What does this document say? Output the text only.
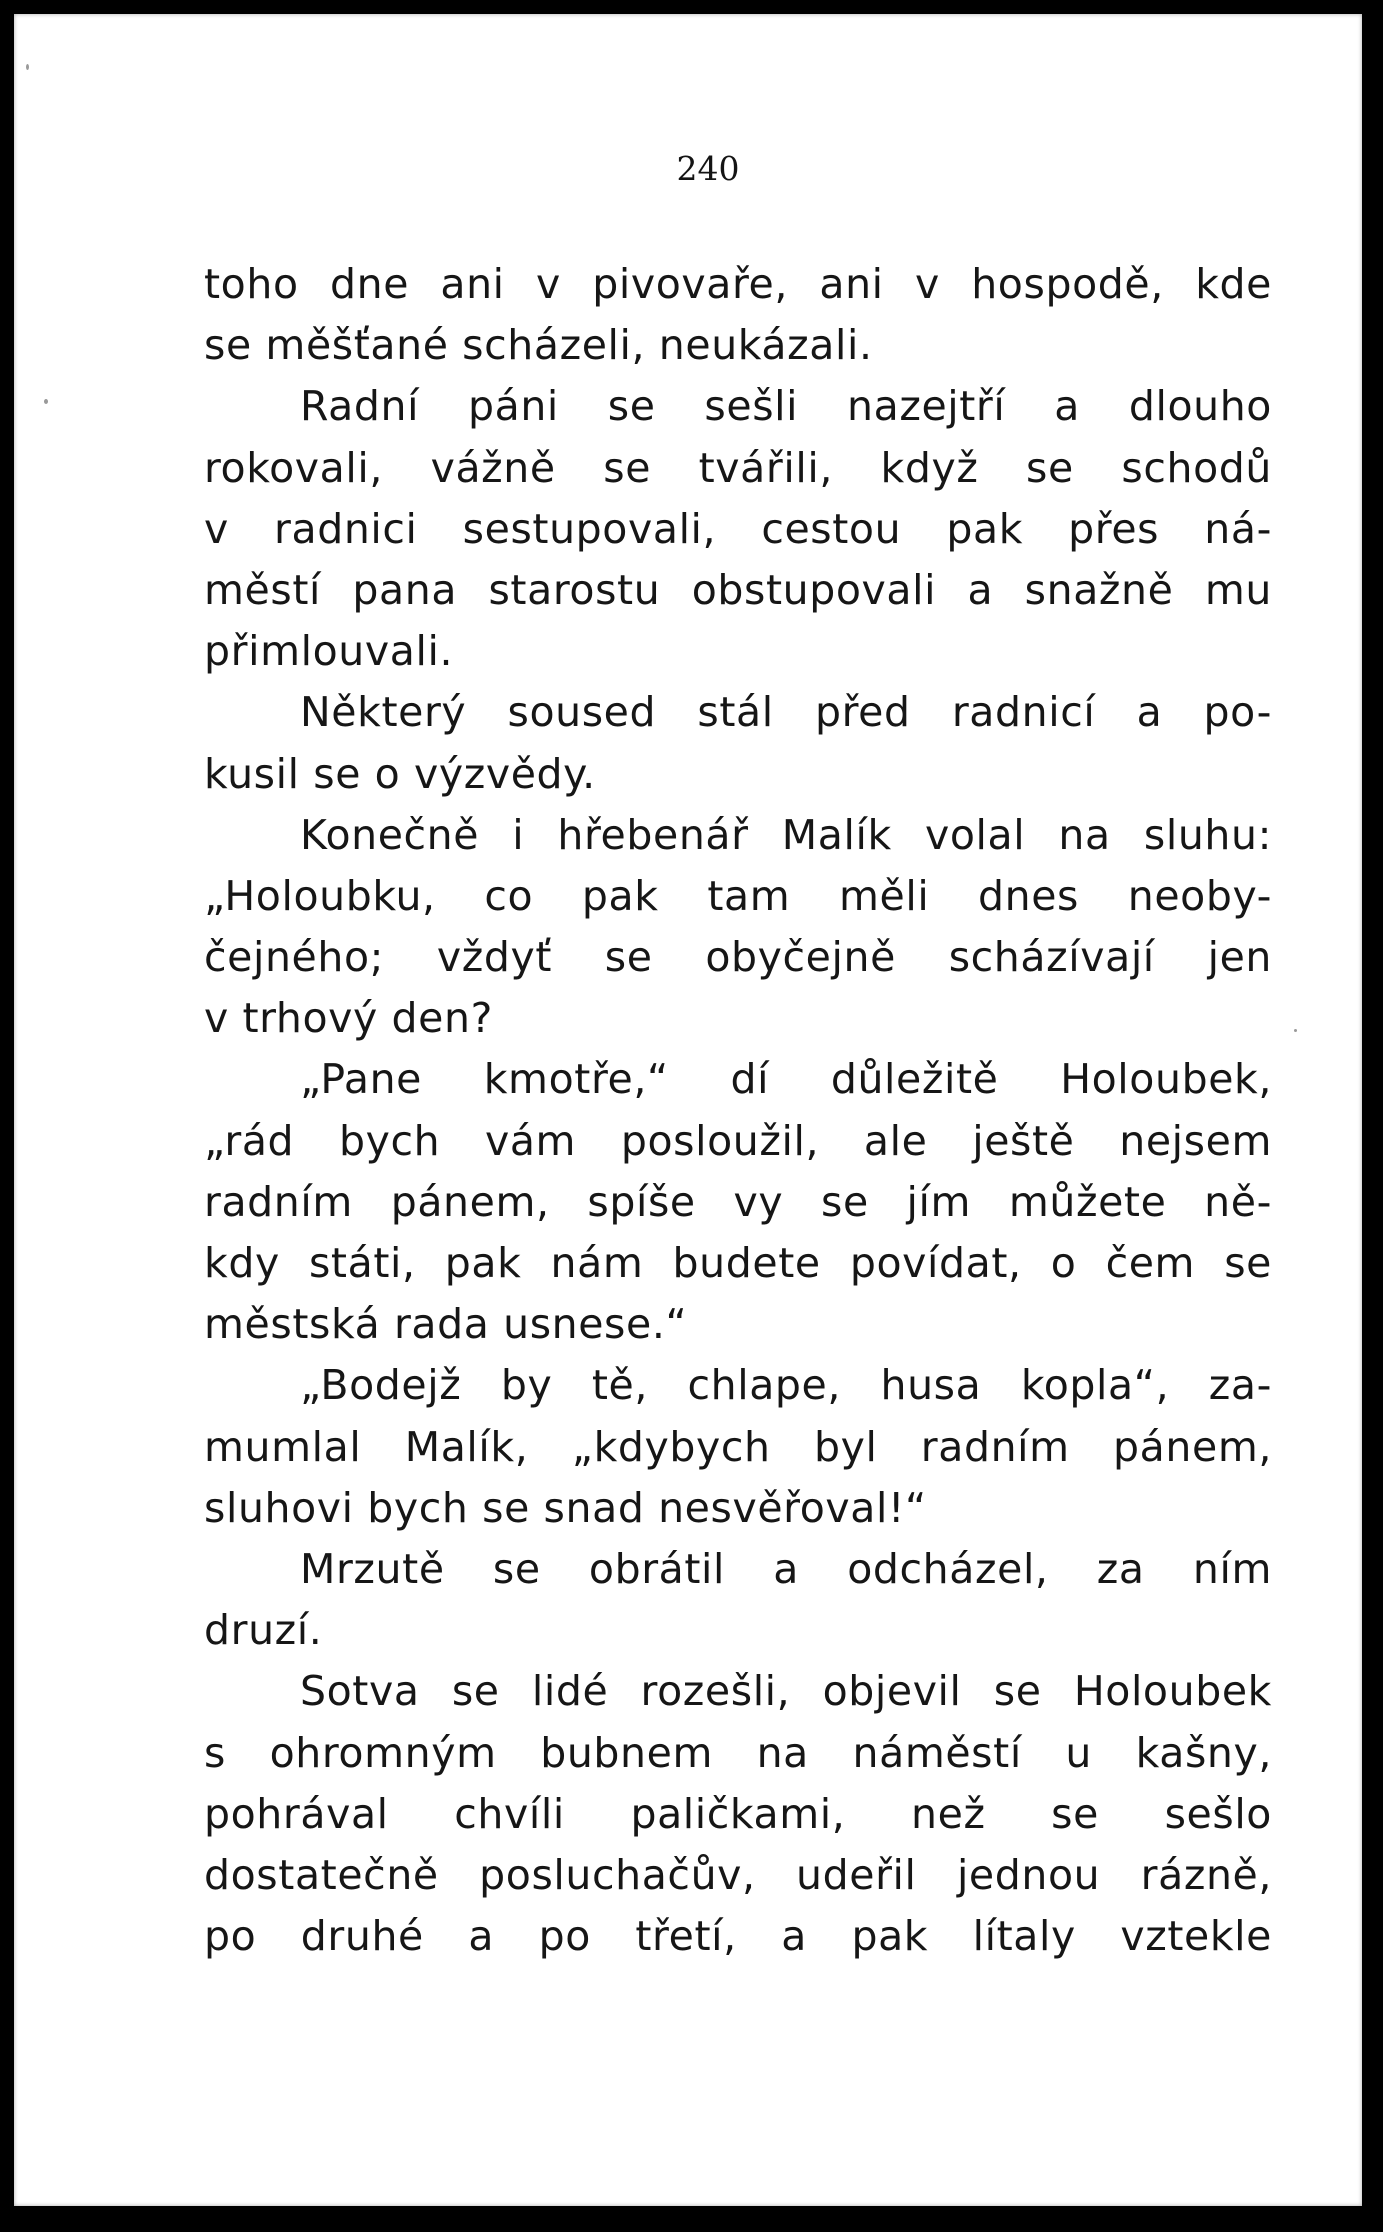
240
toho dne ani v pivovaře, ani v hospodě, kde
se měšťané scházeli, neukázali.
Radní páni se sešli nazejtří a dlouho
rokovali, vážně se tvářili, když se schodů
v radnici sestupovali, cestou pak přes ná-
městí pana starostu obstupovali a snažně mu
přimlouvali.
Některý soused stál před radnicí a po-
kusil se o výzvědy.
Konečně i hřebenář Malík volal na sluhu:
„Holoubku, co pak tam měli dnes neoby-
čejného; vždyť se obyčejně scházívají jen
v trhový den?
„Pane kmotře,“ dí důležitě Holoubek,
„rád bych vám posloužil, ale ještě nejsem
radním pánem, spíše vy se jím můžete ně-
kdy státi, pak nám budete povídat, o čem se
městská rada usnese.“
„Bodejž by tě, chlape, husa kopla“, za-
mumlal Malík, „kdybych byl radním pánem,
sluhovi bych se snad nesvěřoval!“
Mrzutě se obrátil a odcházel, za ním
druzí.
Sotva se lidé rozešli, objevil se Holoubek
s ohromným bubnem na náměstí u kašny,
pohrával chvíli paličkami, než se sešlo
dostatečně posluchačův, udeřil jednou rázně,
po druhé a po třetí, a pak lítaly vztekle
